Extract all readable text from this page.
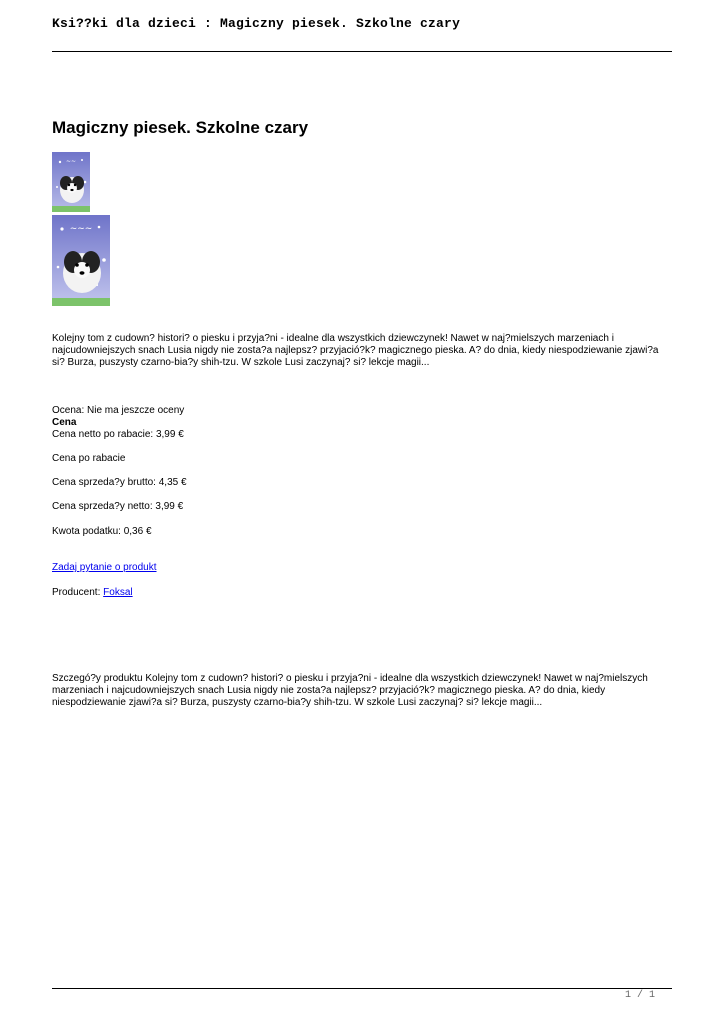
Ksi??ki dla dzieci : Magiczny piesek. Szkolne czary
Magiczny piesek. Szkolne czary
~~
~~~
Kolejny tom z cudown? histori? o piesku i przyja?ni - idealne dla wszystkich dziewczynek! Nawet w naj?mielszych marzeniach i najcudowniejszych snach Lusia nigdy nie zosta?a najlepsz? przyjació?k? magicznego pieska. A? do dnia, kiedy niespodziewanie zjawi?a si? Burza, puszysty czarno-bia?y shih-tzu. W szkole Lusi zaczynaj? si? lekcje magii...
Ocena: Nie ma jeszcze oceny
Cena
Cena netto po rabacie: 3,99 €
Cena po rabacie
Cena sprzeda?y brutto: 4,35 €
Cena sprzeda?y netto: 3,99 €
Kwota podatku: 0,36 €
Zadaj pytanie o produkt
Producent: Foksal
Szczegó?y produktu Kolejny tom z cudown? histori? o piesku i przyja?ni - idealne dla wszystkich dziewczynek! Nawet w naj?mielszych marzeniach i najcudowniejszych snach Lusia nigdy nie zosta?a najlepsz? przyjació?k? magicznego pieska. A? do dnia, kiedy niespodziewanie zjawi?a si? Burza, puszysty czarno-bia?y shih-tzu. W szkole Lusi zaczynaj? si? lekcje magii...
1 / 1
